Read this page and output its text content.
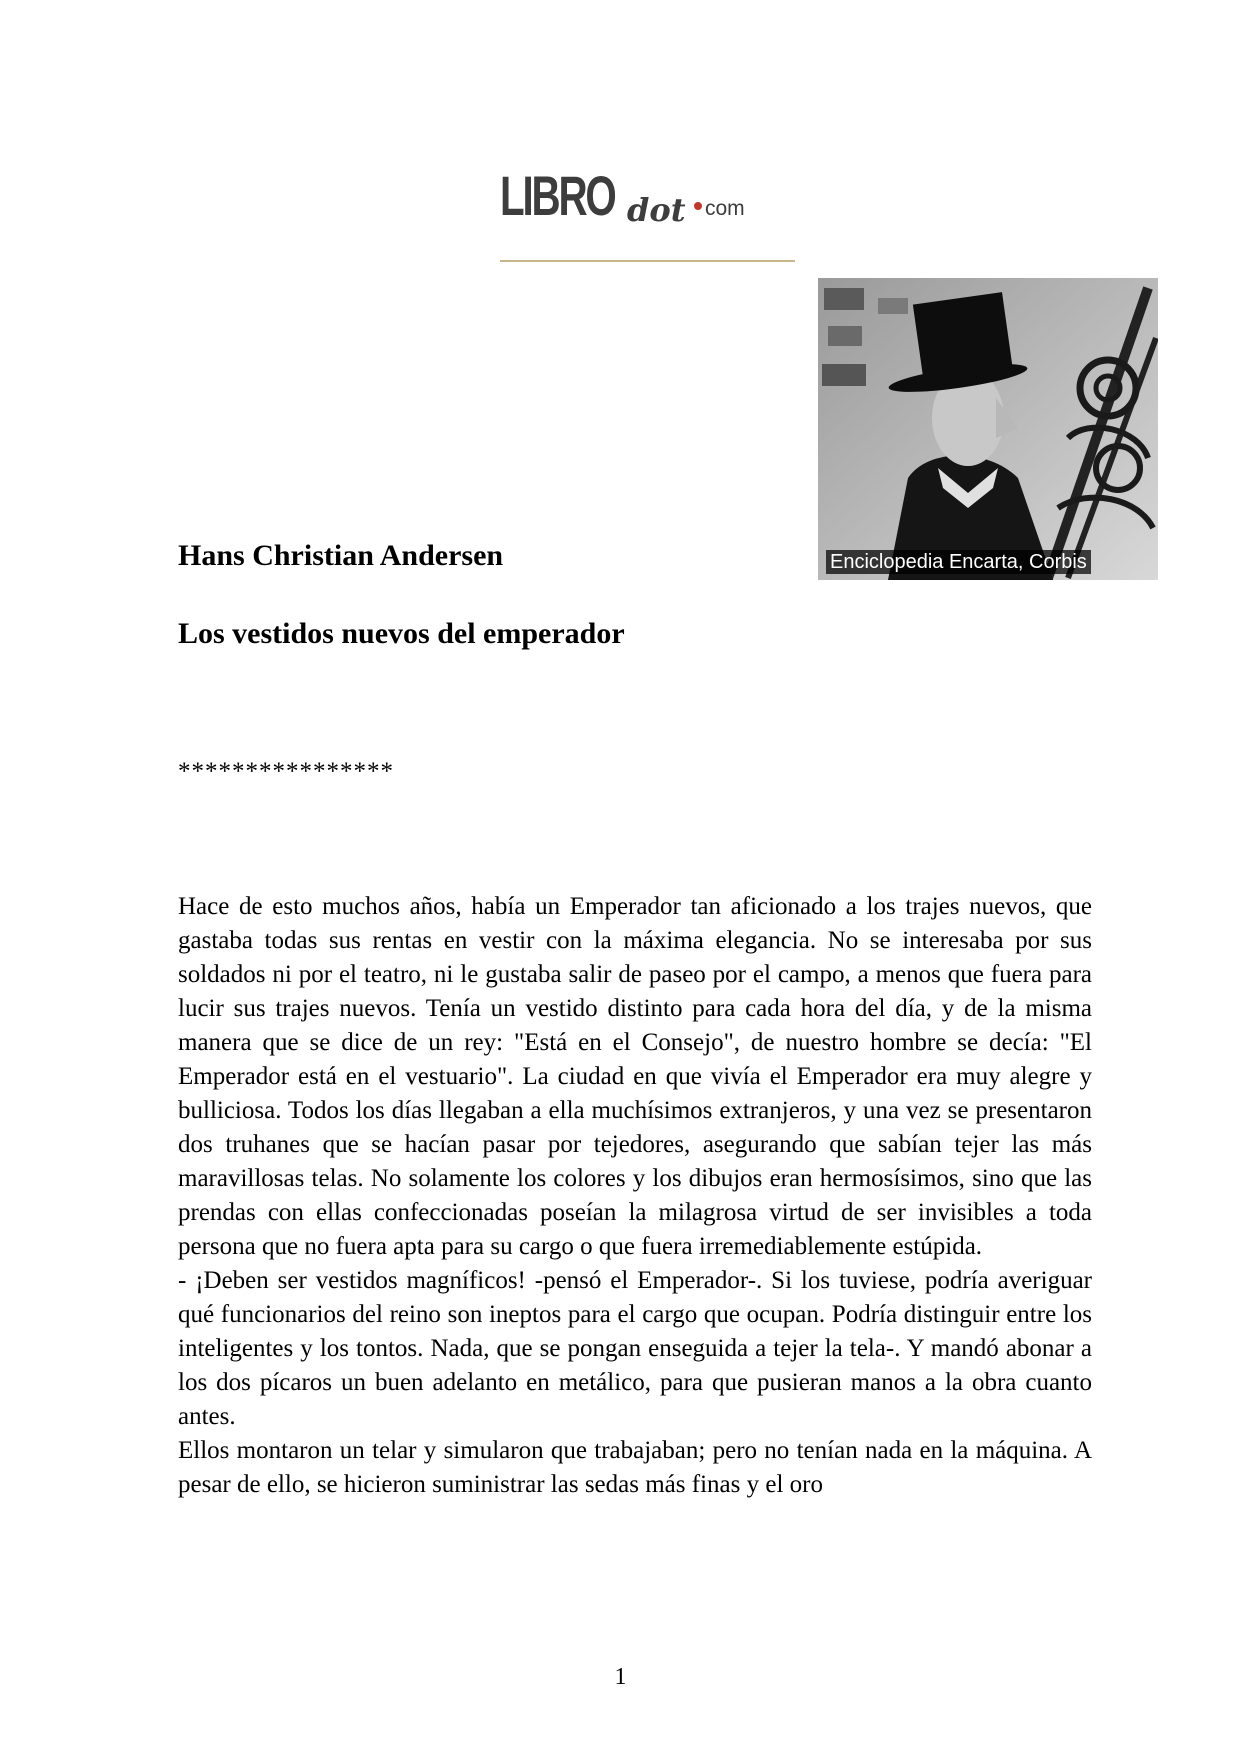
LIBRO dot com
Enciclopedia Encarta, Corbis
Hans Christian Andersen
Los vestidos nuevos del emperador
****************

Hace de esto muchos años, había un Emperador tan aficionado a los trajes nuevos, que gastaba todas sus rentas en vestir con la máxima elegancia. No se interesaba por sus soldados ni por el teatro, ni le gustaba salir de paseo por el campo, a menos que fuera para lucir sus trajes nuevos. Tenía un vestido distinto para cada hora del día, y de la misma manera que se dice de un rey: "Está en el Consejo", de nuestro hombre se decía: "El Emperador está en el vestuario". La ciudad en que vivía el Emperador era muy alegre y bulliciosa. Todos los días llegaban a ella muchísimos extranjeros, y una vez se presentaron dos truhanes que se hacían pasar por tejedores, asegurando que sabían tejer las más maravillosas telas. No solamente los colores y los dibujos eran hermosísimos, sino que las prendas con ellas confeccionadas poseían la milagrosa virtud de ser invisibles a toda persona que no fuera apta para su cargo o que fuera irremediablemente estúpida.

- ¡Deben ser vestidos magníficos! -pensó el Emperador-. Si los tuviese, podría averiguar qué funcionarios del reino son ineptos para el cargo que ocupan. Podría distinguir entre los inteligentes y los tontos. Nada, que se pongan enseguida a tejer la tela-. Y mandó abonar a los dos pícaros un buen adelanto en metálico, para que pusieran manos a la obra cuanto antes.

Ellos montaron un telar y simularon que trabajaban; pero no tenían nada en la máquina. A pesar de ello, se hicieron suministrar las sedas más finas y el oro

1
